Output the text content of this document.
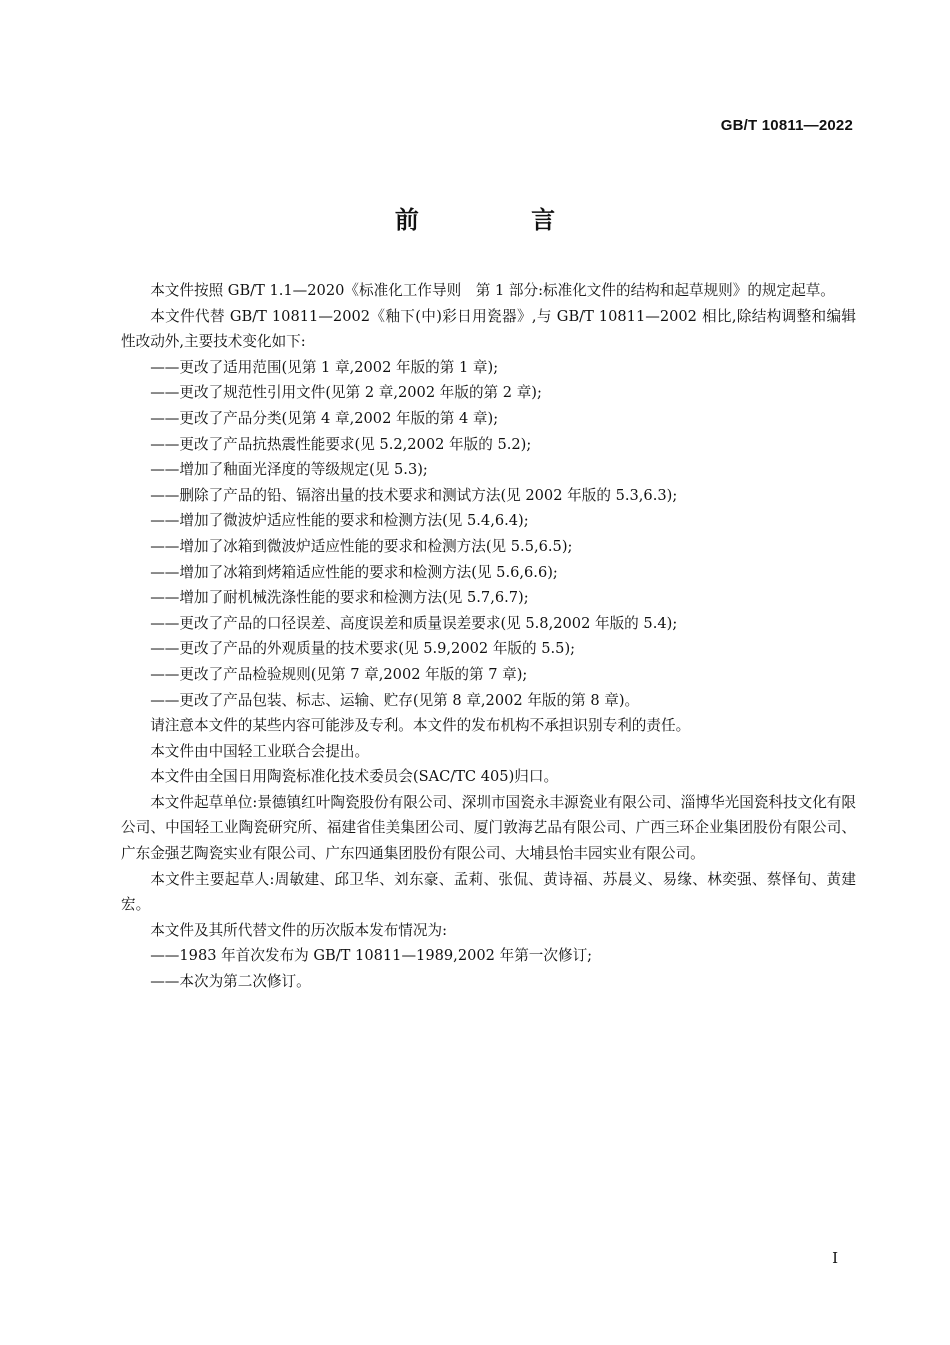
GB/T 10811—2022
前 言

本文件按照 GB/T 1.1—2020《标准化工作导则　第 1 部分:标准化文件的结构和起草规则》的规定起草。

本文件代替 GB/T 10811—2002《釉下(中)彩日用瓷器》,与 GB/T 10811—2002 相比,除结构调整和编辑性改动外,主要技术变化如下:

——更改了适用范围(见第 1 章,2002 年版的第 1 章);

——更改了规范性引用文件(见第 2 章,2002 年版的第 2 章);

——更改了产品分类(见第 4 章,2002 年版的第 4 章);

——更改了产品抗热震性能要求(见 5.2,2002 年版的 5.2);

——增加了釉面光泽度的等级规定(见 5.3);

——删除了产品的铅、镉溶出量的技术要求和测试方法(见 2002 年版的 5.3,6.3);

——增加了微波炉适应性能的要求和检测方法(见 5.4,6.4);

——增加了冰箱到微波炉适应性能的要求和检测方法(见 5.5,6.5);

——增加了冰箱到烤箱适应性能的要求和检测方法(见 5.6,6.6);

——增加了耐机械洗涤性能的要求和检测方法(见 5.7,6.7);

——更改了产品的口径误差、高度误差和质量误差要求(见 5.8,2002 年版的 5.4);

——更改了产品的外观质量的技术要求(见 5.9,2002 年版的 5.5);

——更改了产品检验规则(见第 7 章,2002 年版的第 7 章);

——更改了产品包装、标志、运输、贮存(见第 8 章,2002 年版的第 8 章)。

请注意本文件的某些内容可能涉及专利。本文件的发布机构不承担识别专利的责任。

本文件由中国轻工业联合会提出。

本文件由全国日用陶瓷标准化技术委员会(SAC/TC 405)归口。

本文件起草单位:景德镇红叶陶瓷股份有限公司、深圳市国瓷永丰源瓷业有限公司、淄博华光国瓷科技文化有限公司、中国轻工业陶瓷研究所、福建省佳美集团公司、厦门敦海艺品有限公司、广西三环企业集团股份有限公司、广东金强艺陶瓷实业有限公司、广东四通集团股份有限公司、大埔县怡丰园实业有限公司。

本文件主要起草人:周敏建、邱卫华、刘东豪、孟莉、张侃、黄诗福、苏晨义、易缘、林奕强、蔡怿旬、黄建宏。

本文件及其所代替文件的历次版本发布情况为:

——1983 年首次发布为 GB/T 10811—1989,2002 年第一次修订;

——本次为第二次修订。

I
